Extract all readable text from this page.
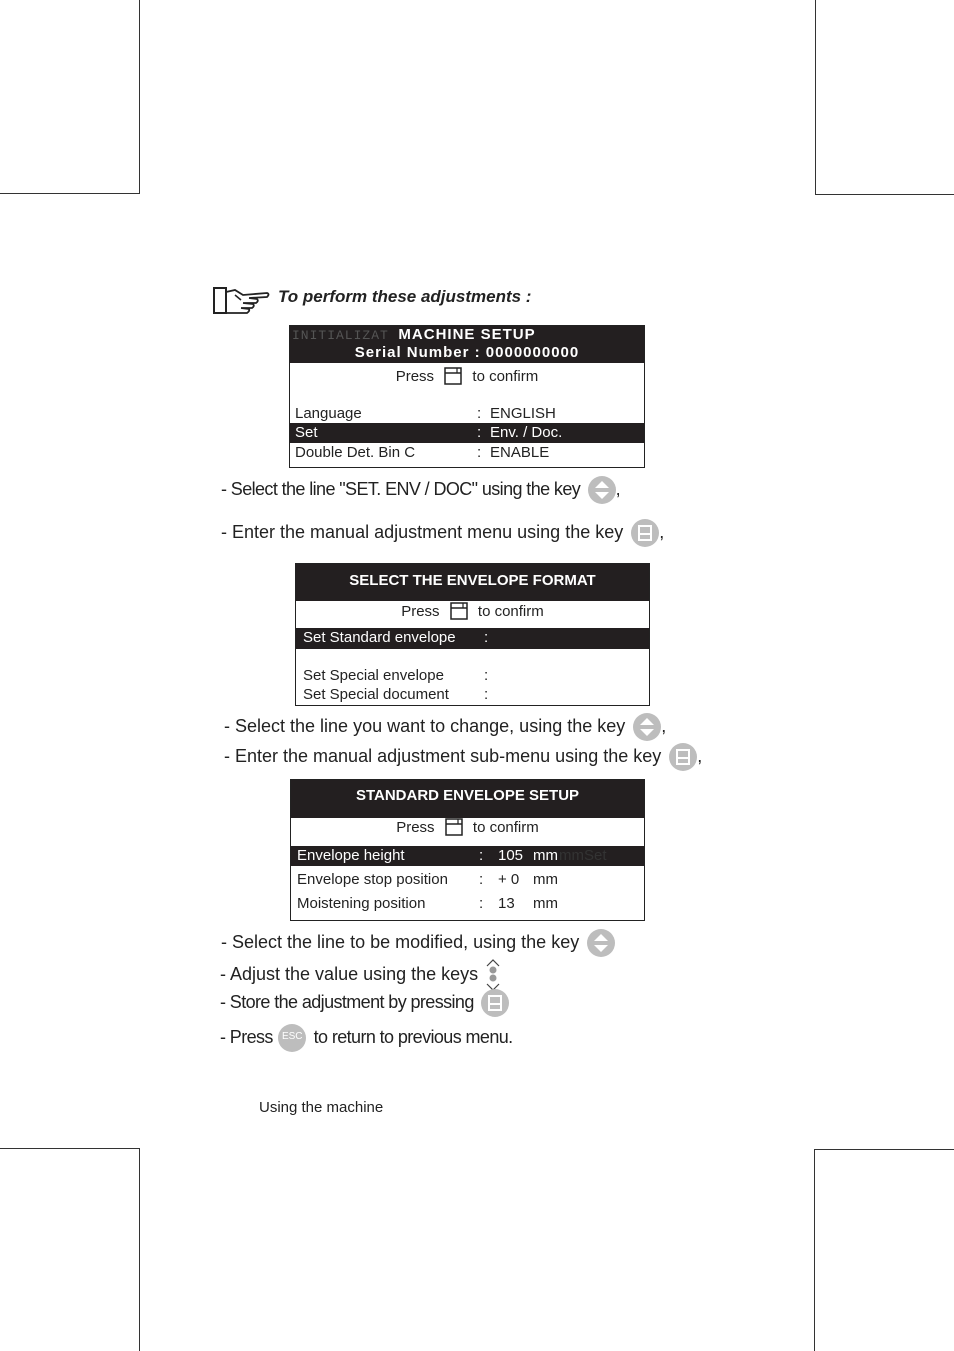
To perform these adjustments :
INITIALIZAT MACHINE SETUP
Serial Number : 0000000000
Press	to confirm
Language	: ENGLISH
Set	: Env. / Doc.
Double Det. Bin C	: ENABLE
- Select the line "SET. ENV / DOC" using the key ,
- Enter the manual adjustment menu using the key ,
SELECT THE ENVELOPE FORMAT
Press	to confirm
Set Standard envelope :
Set Special envelope	:
Set Special document :
- Select the line you want to change, using the key ,
- Enter the manual adjustment sub-menu using the key ,
STANDARD ENVELOPE SETUP
Press	to confirm
Envelope height	: 105 mm mmSet
Envelope stop position : + 0 mm
Moistening position	: 13 mm
- Select the line to be modified, using the key
- Adjust the value using the keys
- Store the adjustment by pressing
- Press ESC to return to previous menu.
Using the machine
